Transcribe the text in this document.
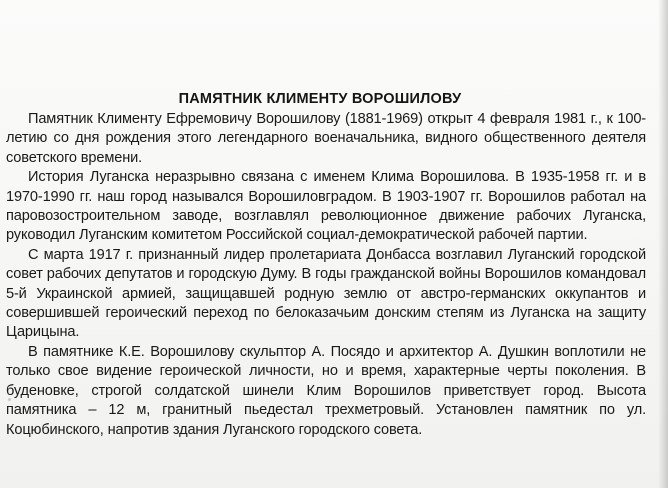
ПАМЯТНИК КЛИМЕНТУ ВОРОШИЛОВУ

Памятник Клименту Ефремовичу Ворошилову (1881-1969) открыт 4 февраля 1981 г., к 100-летию со дня рождения этого легендарного военачальника, видного общественного деятеля советского времени.

История Луганска неразрывно связана с именем Клима Ворошилова. В 1935-1958 гг. и в 1970-1990 гг. наш город назывался Ворошиловградом. В 1903-1907 гг. Ворошилов работал на паровозостроительном заводе, возглавлял революционное движение рабочих Луганска, руководил Луганским комитетом Российской социал-демократической рабочей партии.

С марта 1917 г. признанный лидер пролетариата Донбасса возглавил Луганский городской совет рабочих депутатов и городскую Думу. В годы гражданской войны Ворошилов командовал 5-й Украинской армией, защищавшей родную землю от австро-германских оккупантов и совершившей героический переход по белоказачьим донским степям из Луганска на защиту Царицына.

В памятнике К.Е. Ворошилову скульптор А. Посядо и архитектор А. Душкин воплотили не только свое видение героической личности, но и время, характерные черты поколения. В буденовке, строгой солдатской шинели Клим Ворошилов приветствует город. Высота памятника – 12 м, гранитный пьедестал трехметровый. Установлен памятник по ул. Коцюбинского, напротив здания Луганского городского совета.
